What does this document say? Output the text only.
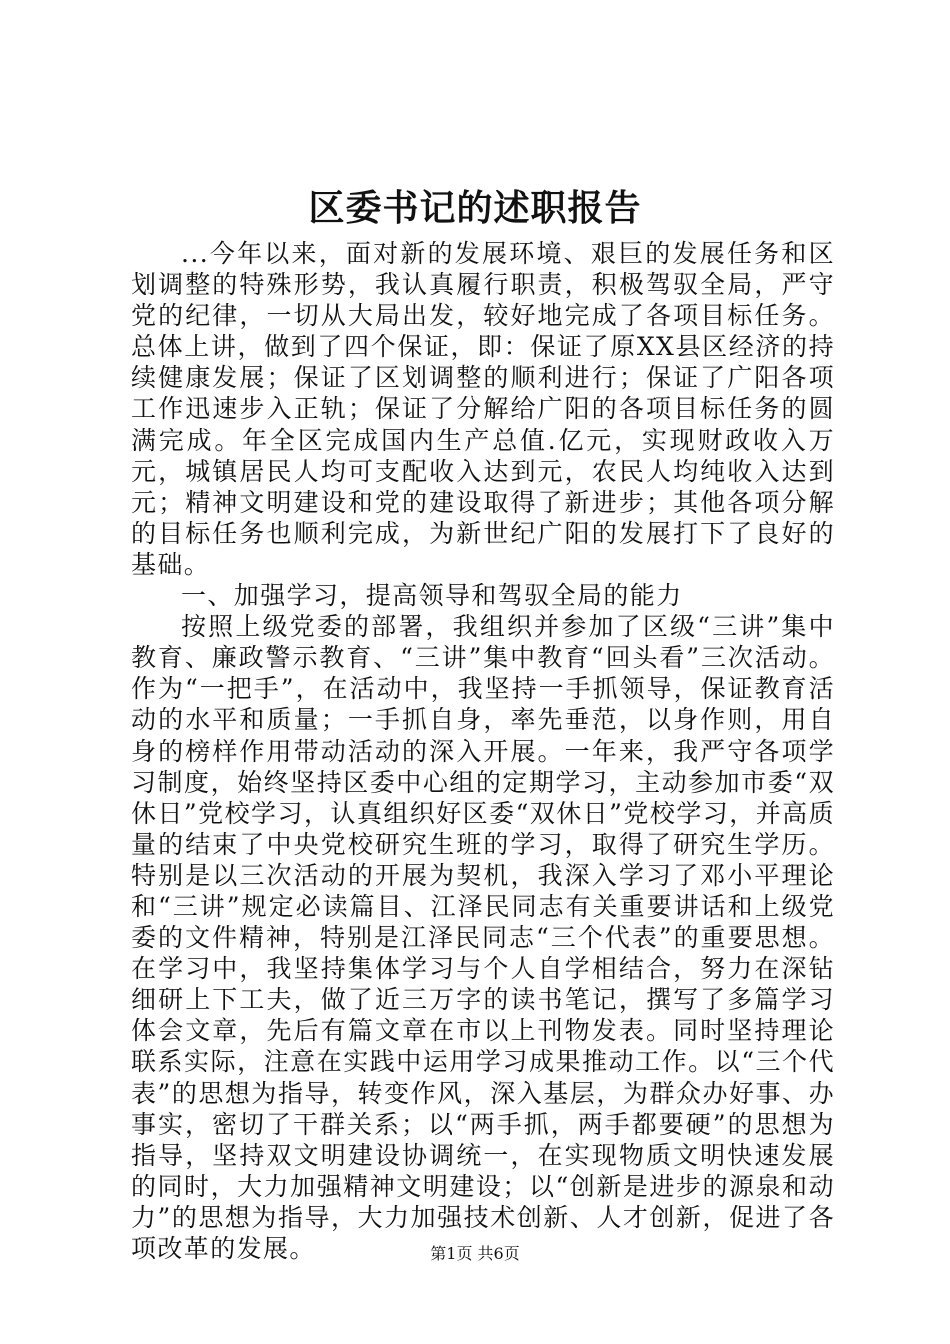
区委书记的述职报告

...今年以来，面对新的发展环境、艰巨的发展任务和区划调整的特殊形势，我认真履行职责，积极驾驭全局，严守党的纪律，一切从大局出发，较好地完成了各项目标任务。总体上讲，做到了四个保证，即：保证了原XX县区经济的持续健康发展；保证了区划调整的顺利进行；保证了广阳各项工作迅速步入正轨；保证了分解给广阳的各项目标任务的圆满完成。年全区完成国内生产总值.亿元，实现财政收入万元，城镇居民人均可支配收入达到元，农民人均纯收入达到元；精神文明建设和党的建设取得了新进步；其他各项分解的目标任务也顺利完成，为新世纪广阳的发展打下了良好的基础。

一、加强学习，提高领导和驾驭全局的能力

按照上级党委的部署，我组织并参加了区级“三讲”集中教育、廉政警示教育、“三讲”集中教育“回头看”三次活动。作为“一把手”，在活动中，我坚持一手抓领导，保证教育活动的水平和质量；一手抓自身，率先垂范，以身作则，用自身的榜样作用带动活动的深入开展。一年来，我严守各项学习制度，始终坚持区委中心组的定期学习，主动参加市委“双休日”党校学习，认真组织好区委“双休日”党校学习，并高质量的结束了中央党校研究生班的学习，取得了研究生学历。特别是以三次活动的开展为契机，我深入学习了邓小平理论和“三讲”规定必读篇目、江泽民同志有关重要讲话和上级党委的文件精神，特别是江泽民同志“三个代表”的重要思想。在学习中，我坚持集体学习与个人自学相结合，努力在深钻细研上下工夫，做了近三万字的读书笔记，撰写了多篇学习体会文章，先后有篇文章在市以上刊物发表。同时坚持理论联系实际，注意在实践中运用学习成果推动工作。以“三个代表”的思想为指导，转变作风，深入基层，为群众办好事、办事实，密切了干群关系；以“两手抓，两手都要硬”的思想为指导，坚持双文明建设协调统一，在实现物质文明快速发展的同时，大力加强精神文明建设；以“创新是进步的源泉和动力”的思想为指导，大力加强技术创新、人才创新，促进了各项改革的发展。	第1页 共6页
